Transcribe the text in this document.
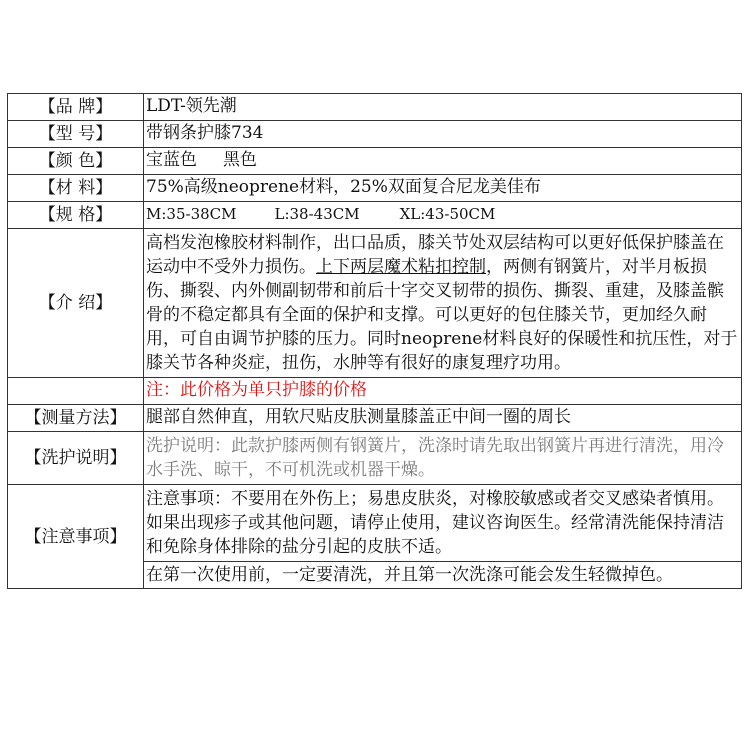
【品 牌】	LDT-领先潮
【型 号】	带钢条护膝734
【颜 色】	宝蓝色 黑色
【材 料】	75%高级neoprene材料，25%双面复合尼龙美佳布
【规 格】	M:35-38CM L:38-43CM XL:43-50CM
【介 绍】	高档发泡橡胶材料制作，出口品质，膝关节处双层结构可以更好低保护膝盖在运动中不受外力损伤。上下两层魔术粘扣控制，两侧有钢簧片，对半月板损伤、撕裂、内外侧副韧带和前后十字交叉韧带的损伤、撕裂、重建，及膝盖髌骨的不稳定都具有全面的保护和支撑。可以更好的包住膝关节，更加经久耐用，可自由调节护膝的压力。同时neoprene材料良好的保暖性和抗压性，对于膝关节各种炎症，扭伤，水肿等有很好的康复理疗功用。
	注：此价格为单只护膝的价格
【测量方法】	腿部自然伸直，用软尺贴皮肤测量膝盖正中间一圈的周长
【洗护说明】	洗护说明：此款护膝两侧有钢簧片，洗涤时请先取出钢簧片再进行清洗，用冷水手洗、晾干，不可机洗或机器干燥。
【注意事项】	注意事项：不要用在外伤上；易患皮肤炎，对橡胶敏感或者交叉感染者慎用。如果出现疹子或其他问题，请停止使用，建议咨询医生。经常清洗能保持清洁和免除身体排除的盐分引起的皮肤不适。
	在第一次使用前，一定要清洗，并且第一次洗涤可能会发生轻微掉色。
